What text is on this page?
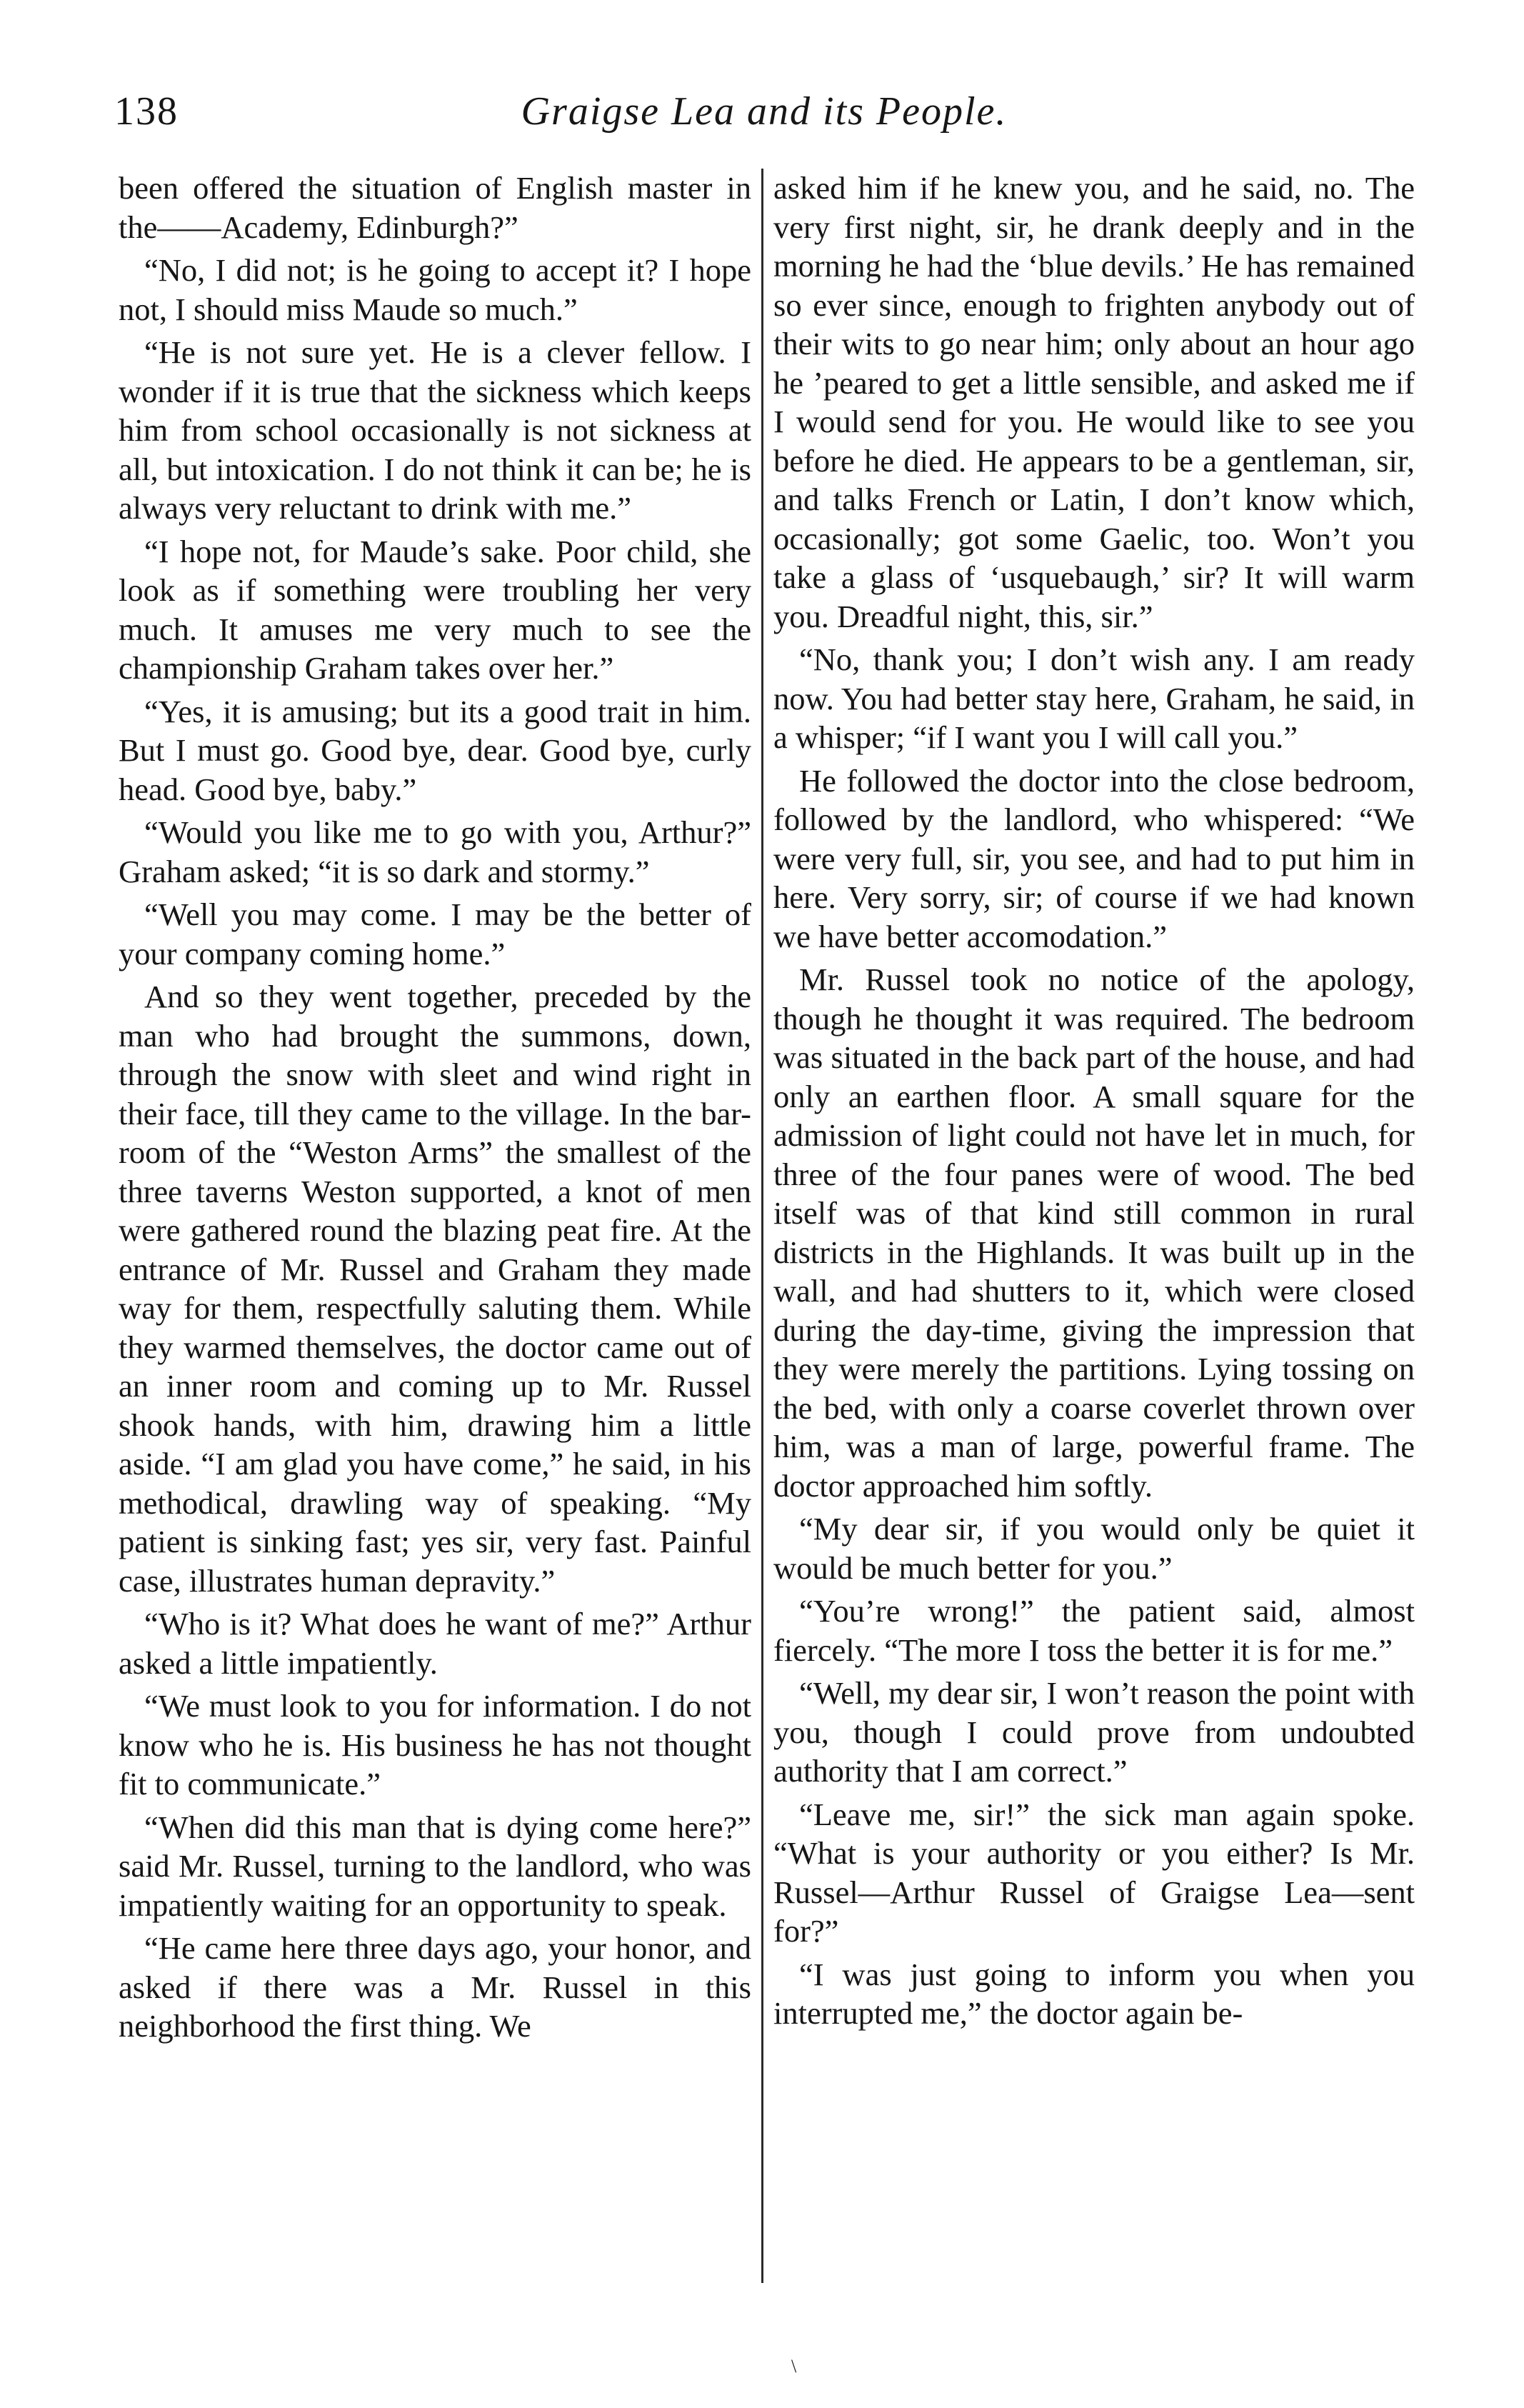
138	Graigse Lea and its People.

been offered the situation of English master in the——Academy, Edinburgh?”

“No, I did not; is he going to accept it? I hope not, I should miss Maude so much.”

“He is not sure yet. He is a clever fellow. I wonder if it is true that the sickness which keeps him from school occasionally is not sickness at all, but intoxication. I do not think it can be; he is always very reluctant to drink with me.”

“I hope not, for Maude’s sake. Poor child, she look as if something were troubling her very much. It amuses me very much to see the championship Graham takes over her.”

“Yes, it is amusing; but its a good trait in him. But I must go. Good bye, dear. Good bye, curly head. Good bye, baby.”

“Would you like me to go with you, Arthur?” Graham asked; “it is so dark and stormy.”

“Well you may come. I may be the better of your company coming home.”

And so they went together, preceded by the man who had brought the summons, down, through the snow with sleet and wind right in their face, till they came to the village. In the bar-room of the “Weston Arms” the smallest of the three taverns Weston supported, a knot of men were gathered round the blazing peat fire. At the entrance of Mr. Russel and Graham they made way for them, respectfully saluting them. While they warmed themselves, the doctor came out of an inner room and coming up to Mr. Russel shook hands, with him, drawing him a little aside. “I am glad you have come,” he said, in his methodical, drawling way of speaking. “My patient is sinking fast; yes sir, very fast. Painful case, illustrates human depravity.”

“Who is it? What does he want of me?” Arthur asked a little impatiently.

“We must look to you for information. I do not know who he is. His business he has not thought fit to communicate.”

“When did this man that is dying come here?” said Mr. Russel, turning to the landlord, who was impatiently waiting for an opportunity to speak.

“He came here three days ago, your honor, and asked if there was a Mr. Russel in this neighborhood the first thing. We

asked him if he knew you, and he said, no. The very first night, sir, he drank deeply and in the morning he had the ‘blue devils.’ He has remained so ever since, enough to frighten anybody out of their wits to go near him; only about an hour ago he ’peared to get a little sensible, and asked me if I would send for you. He would like to see you before he died. He appears to be a gentleman, sir, and talks French or Latin, I don’t know which, occasionally; got some Gaelic, too. Won’t you take a glass of ‘usquebaugh,’ sir? It will warm you. Dreadful night, this, sir.”

“No, thank you; I don’t wish any. I am ready now. You had better stay here, Graham, he said, in a whisper; “if I want you I will call you.”

He followed the doctor into the close bedroom, followed by the landlord, who whispered: “We were very full, sir, you see, and had to put him in here. Very sorry, sir; of course if we had known we have better accomodation.”

Mr. Russel took no notice of the apology, though he thought it was required. The bedroom was situated in the back part of the house, and had only an earthen floor. A small square for the admission of light could not have let in much, for three of the four panes were of wood. The bed itself was of that kind still common in rural districts in the Highlands. It was built up in the wall, and had shutters to it, which were closed during the day-time, giving the impression that they were merely the partitions. Lying tossing on the bed, with only a coarse coverlet thrown over him, was a man of large, powerful frame. The doctor approached him softly.

“My dear sir, if you would only be quiet it would be much better for you.”

“You’re wrong!” the patient said, almost fiercely. “The more I toss the better it is for me.”

“Well, my dear sir, I won’t reason the point with you, though I could prove from undoubted authority that I am correct.”

“Leave me, sir!” the sick man again spoke. “What is your authority or you either? Is Mr. Russel—Arthur Russel of Graigse Lea—sent for?”

“I was just going to inform you when you interrupted me,” the doctor again be-

\
